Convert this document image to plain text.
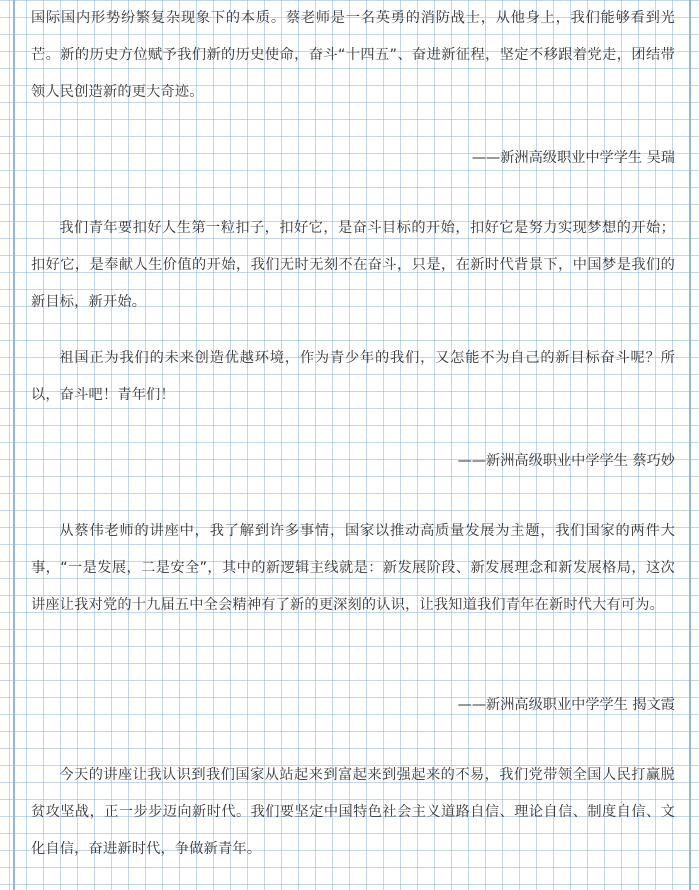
国际国内形势纷繁复杂现象下的本质。蔡老师是一名英勇的消防战士，从他身上，我们能够看到光芒。新的历史方位赋予我们新的历史使命，奋斗“十四五”、奋进新征程，坚定不移跟着党走，团结带领人民创造新的更大奇迹。

——新洲高级职业中学学生 吴瑞

我们青年要扣好人生第一粒扣子，扣好它，是奋斗目标的开始，扣好它是努力实现梦想的开始；扣好它，是奉献人生价值的开始，我们无时无刻不在奋斗，只是，在新时代背景下，中国梦是我们的新目标，新开始。

祖国正为我们的未来创造优越环境，作为青少年的我们，又怎能不为自己的新目标奋斗呢？所以，奋斗吧！青年们！

——新洲高级职业中学学生 蔡巧妙

从蔡伟老师的讲座中，我了解到许多事情，国家以推动高质量发展为主题，我们国家的两件大事，“一是发展，二是安全”，其中的新逻辑主线就是：新发展阶段、新发展理念和新发展格局，这次讲座让我对党的十九届五中全会精神有了新的更深刻的认识，让我知道我们青年在新时代大有可为。

——新洲高级职业中学学生 揭文霞

今天的讲座让我认识到我们国家从站起来到富起来到强起来的不易，我们党带领全国人民打赢脱贫攻坚战，正一步步迈向新时代。我们要坚定中国特色社会主义道路自信、理论自信、制度自信、文化自信，奋进新时代，争做新青年。
